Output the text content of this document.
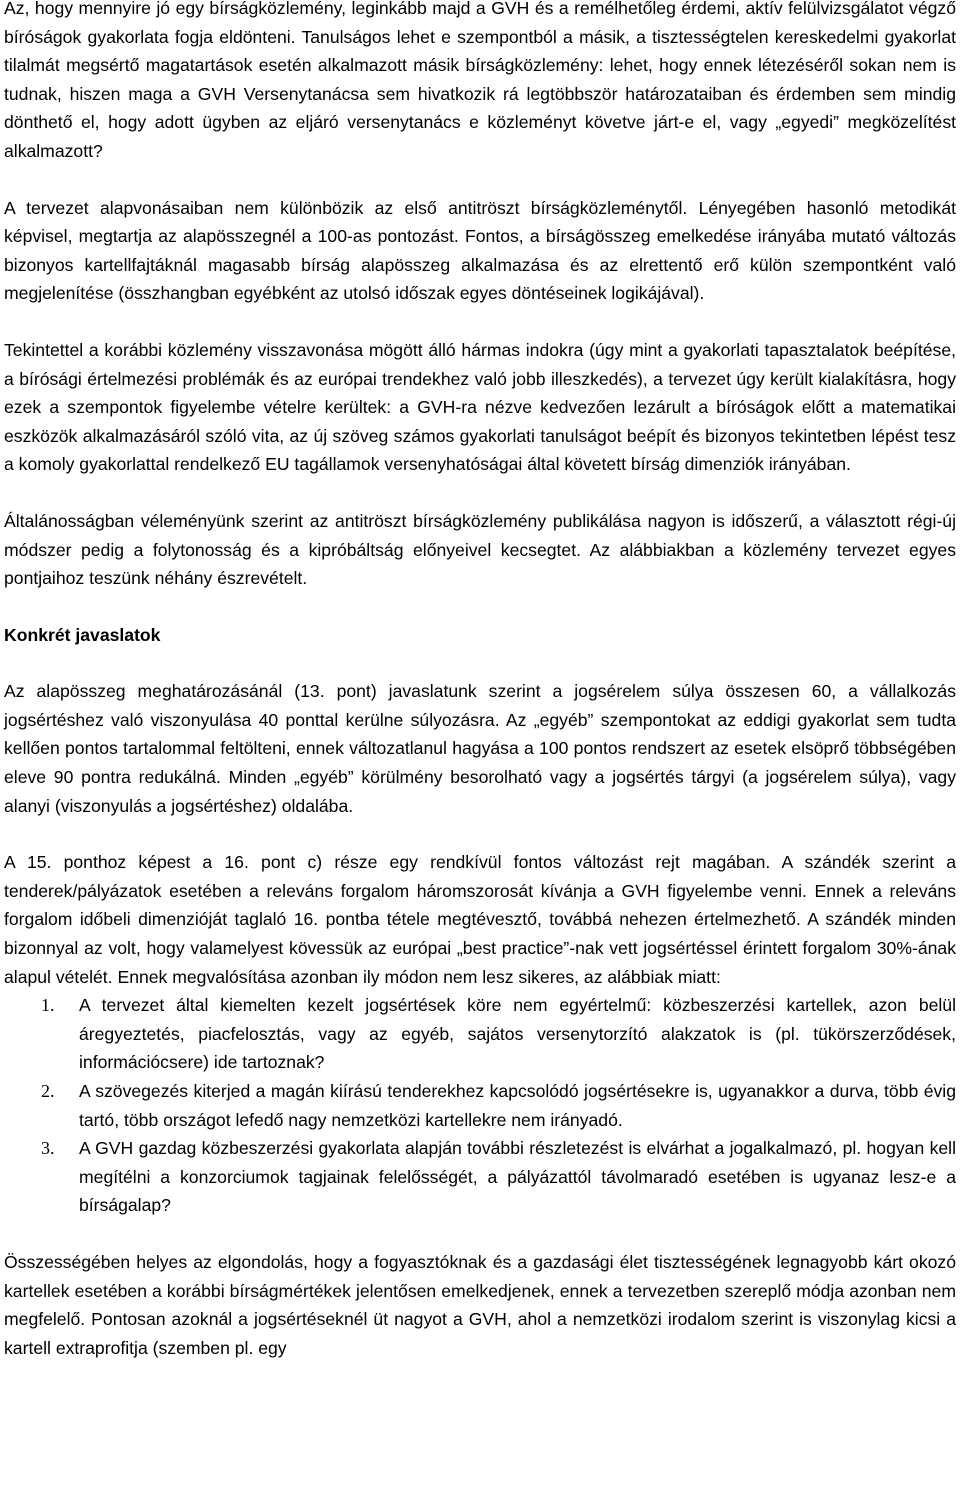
Az, hogy mennyire jó egy bírságközlemény, leginkább majd a GVH és a remélhetőleg érdemi, aktív felülvizsgálatot végző bíróságok gyakorlata fogja eldönteni. Tanulságos lehet e szempontból a másik, a tisztességtelen kereskedelmi gyakorlat tilalmát megsértő magatartások esetén alkalmazott másik bírságközlemény: lehet, hogy ennek létezéséről sokan nem is tudnak, hiszen maga a GVH Versenytanácsa sem hivatkozik rá legtöbbször határozataiban és érdemben sem mindig dönthető el, hogy adott ügyben az eljáró versenytanács e közleményt követve járt-e el, vagy „egyedi” megközelítést alkalmazott?

A tervezet alapvonásaiban nem különbözik az első antitröszt bírságközleménytől. Lényegében hasonló metodikát képvisel, megtartja az alapösszegnél a 100-as pontozást. Fontos, a bírságösszeg emelkedése irányába mutató változás bizonyos kartellfajtáknál magasabb bírság alapösszeg alkalmazása és az elrettentő erő külön szempontként való megjelenítése (összhangban egyébként az utolsó időszak egyes döntéseinek logikájával).

Tekintettel a korábbi közlemény visszavonása mögött álló hármas indokra (úgy mint a gyakorlati tapasztalatok beépítése, a bírósági értelmezési problémák és az európai trendekhez való jobb illeszkedés), a tervezet úgy került kialakításra, hogy ezek a szempontok figyelembe vételre kerültek: a GVH-ra nézve kedvezően lezárult a bíróságok előtt a matematikai eszközök alkalmazásáról szóló vita, az új szöveg számos gyakorlati tanulságot beépít és bizonyos tekintetben lépést tesz a komoly gyakorlattal rendelkező EU tagállamok versenyhatóságai által követett bírság dimenziók irányában.

Általánosságban véleményünk szerint az antitröszt bírságközlemény publikálása nagyon is időszerű, a választott régi-új módszer pedig a folytonosság és a kipróbáltság előnyeivel kecsegtet. Az alábbiakban a közlemény tervezet egyes pontjaihoz teszünk néhány észrevételt.

Konkrét javaslatok

Az alapösszeg meghatározásánál (13. pont) javaslatunk szerint a jogsérelem súlya összesen 60, a vállalkozás jogsértéshez való viszonyulása 40 ponttal kerülne súlyozásra. Az „egyéb” szempontokat az eddigi gyakorlat sem tudta kellően pontos tartalommal feltölteni, ennek változatlanul hagyása a 100 pontos rendszert az esetek elsöprő többségében eleve 90 pontra redukálná. Minden „egyéb” körülmény besorolható vagy a jogsértés tárgyi (a jogsérelem súlya), vagy alanyi (viszonyulás a jogsértéshez) oldalába.

A 15. ponthoz képest a 16. pont c) része egy rendkívül fontos változást rejt magában. A szándék szerint a tenderek/pályázatok esetében a releváns forgalom háromszorosát kívánja a GVH figyelembe venni. Ennek a releváns forgalom időbeli dimenzióját taglaló 16. pontba tétele megtévesztő, továbbá nehezen értelmezhető. A szándék minden bizonnyal az volt, hogy valamelyest kövessük az európai „best practice”-nak vett jogsértéssel érintett forgalom 30%-ának alapul vételét. Ennek megvalósítása azonban ily módon nem lesz sikeres, az alábbiak miatt:

1. A tervezet által kiemelten kezelt jogsértések köre nem egyértelmű: közbeszerzési kartellek, azon belül áregyeztetés, piacfelosztás, vagy az egyéb, sajátos versenytorzító alakzatok is (pl. tükörszerződések, információcsere) ide tartoznak?
2. A szövegezés kiterjed a magán kiírású tenderekhez kapcsolódó jogsértésekre is, ugyanakkor a durva, több évig tartó, több országot lefedő nagy nemzetközi kartellekre nem irányadó.
3. A GVH gazdag közbeszerzési gyakorlata alapján további részletezést is elvárhat a jogalkalmazó, pl. hogyan kell megítélni a konzorciumok tagjainak felelősségét, a pályázattól távolmaradó esetében is ugyanaz lesz-e a bírságalap?

Összességében helyes az elgondolás, hogy a fogyasztóknak és a gazdasági élet tisztességének legnagyobb kárt okozó kartellek esetében a korábbi bírságmértékek jelentősen emelkedjenek, ennek a tervezetben szereplő módja azonban nem megfelelő. Pontosan azoknál a jogsértéseknél üt nagyot a GVH, ahol a nemzetközi irodalom szerint is viszonylag kicsi a kartell extraprofitja (szemben pl. egy
